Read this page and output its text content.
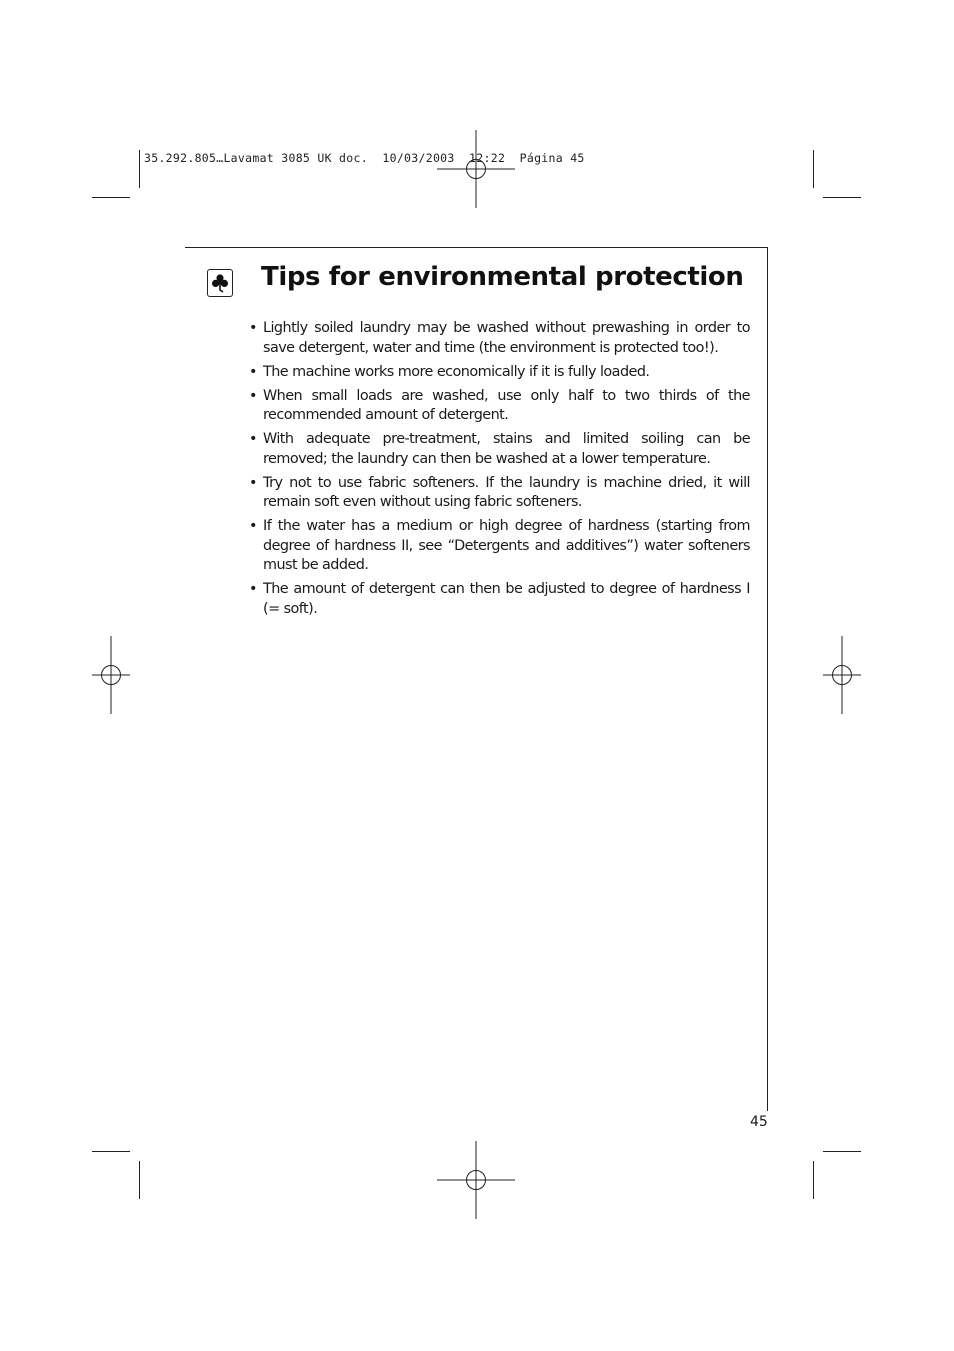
35.292.805…Lavamat 3085 UK doc.  10/03/2003  12:22  Página 45
Tips for environmental protection
• Lightly soiled laundry may be washed without prewashing in order to save detergent, water and time (the environment is protected too!).
• The machine works more economically if it is fully loaded.
• When small loads are washed, use only half to two thirds of the recommended amount of detergent.
• With adequate pre-treatment, stains and limited soiling can be removed; the laundry can then be washed at a lower temperature.
• Try not to use fabric softeners. If the laundry is machine dried, it will remain soft even without using fabric softeners.
• If the water has a medium or high degree of hardness (starting from degree of hardness II, see “Detergents and additives”) water softeners must be added.
• The amount of detergent can then be adjusted to degree of hardness I (= soft).
45
